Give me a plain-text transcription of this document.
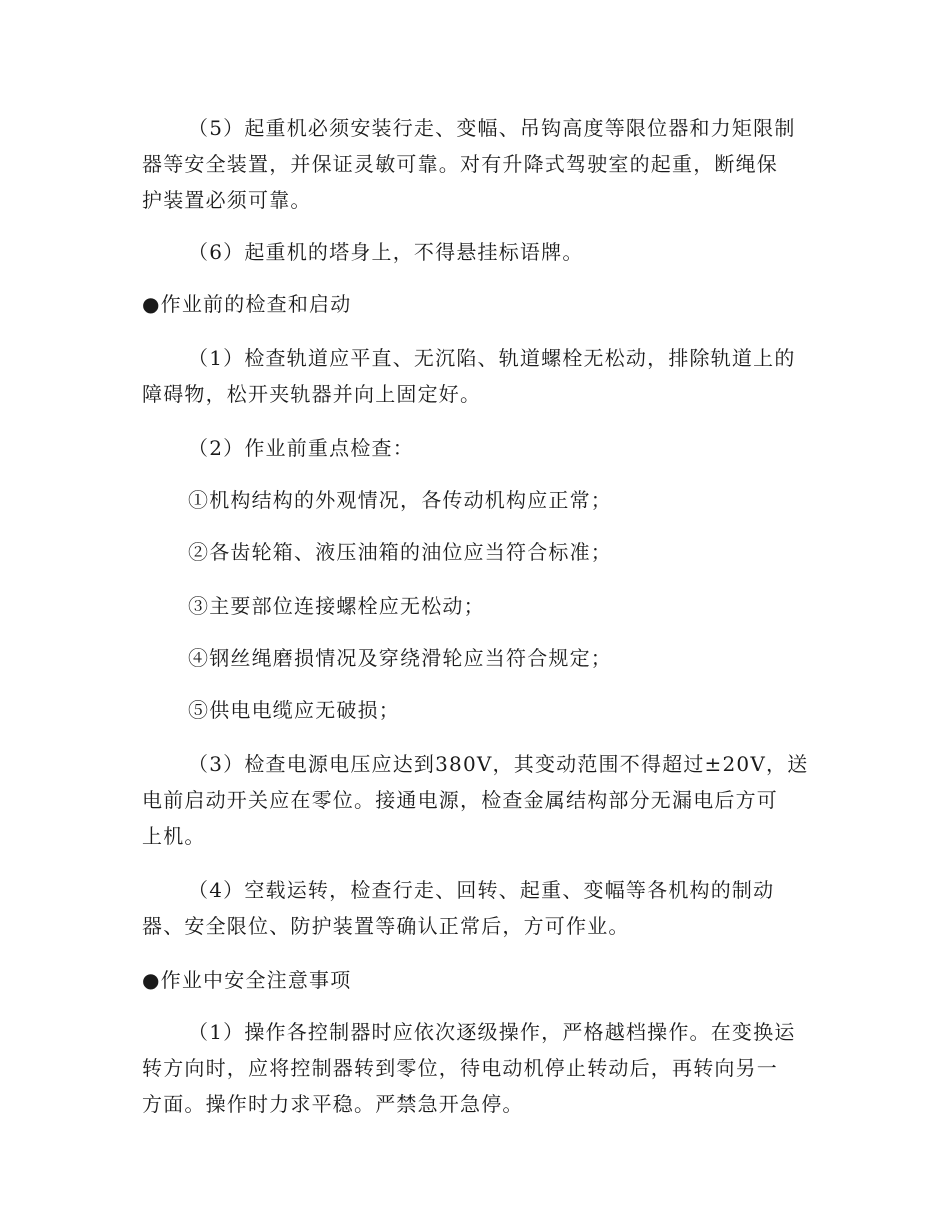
（5）起重机必须安装行走、变幅、吊钩高度等限位器和力矩限制
器等安全装置，并保证灵敏可靠。对有升降式驾驶室的起重，断绳保
护装置必须可靠。
（6）起重机的塔身上，不得悬挂标语牌。
●作业前的检查和启动
（1）检查轨道应平直、无沉陷、轨道螺栓无松动，排除轨道上的
障碍物，松开夹轨器并向上固定好。
（2）作业前重点检查：
①机构结构的外观情况，各传动机构应正常；
②各齿轮箱、液压油箱的油位应当符合标准；
③主要部位连接螺栓应无松动；
④钢丝绳磨损情况及穿绕滑轮应当符合规定；
⑤供电电缆应无破损；
（3）检查电源电压应达到380V，其变动范围不得超过±20V，送
电前启动开关应在零位。接通电源，检查金属结构部分无漏电后方可
上机。
（4）空载运转，检查行走、回转、起重、变幅等各机构的制动
器、安全限位、防护装置等确认正常后，方可作业。
●作业中安全注意事项
（1）操作各控制器时应依次逐级操作，严格越档操作。在变换运
转方向时，应将控制器转到零位，待电动机停止转动后，再转向另一
方面。操作时力求平稳。严禁急开急停。
